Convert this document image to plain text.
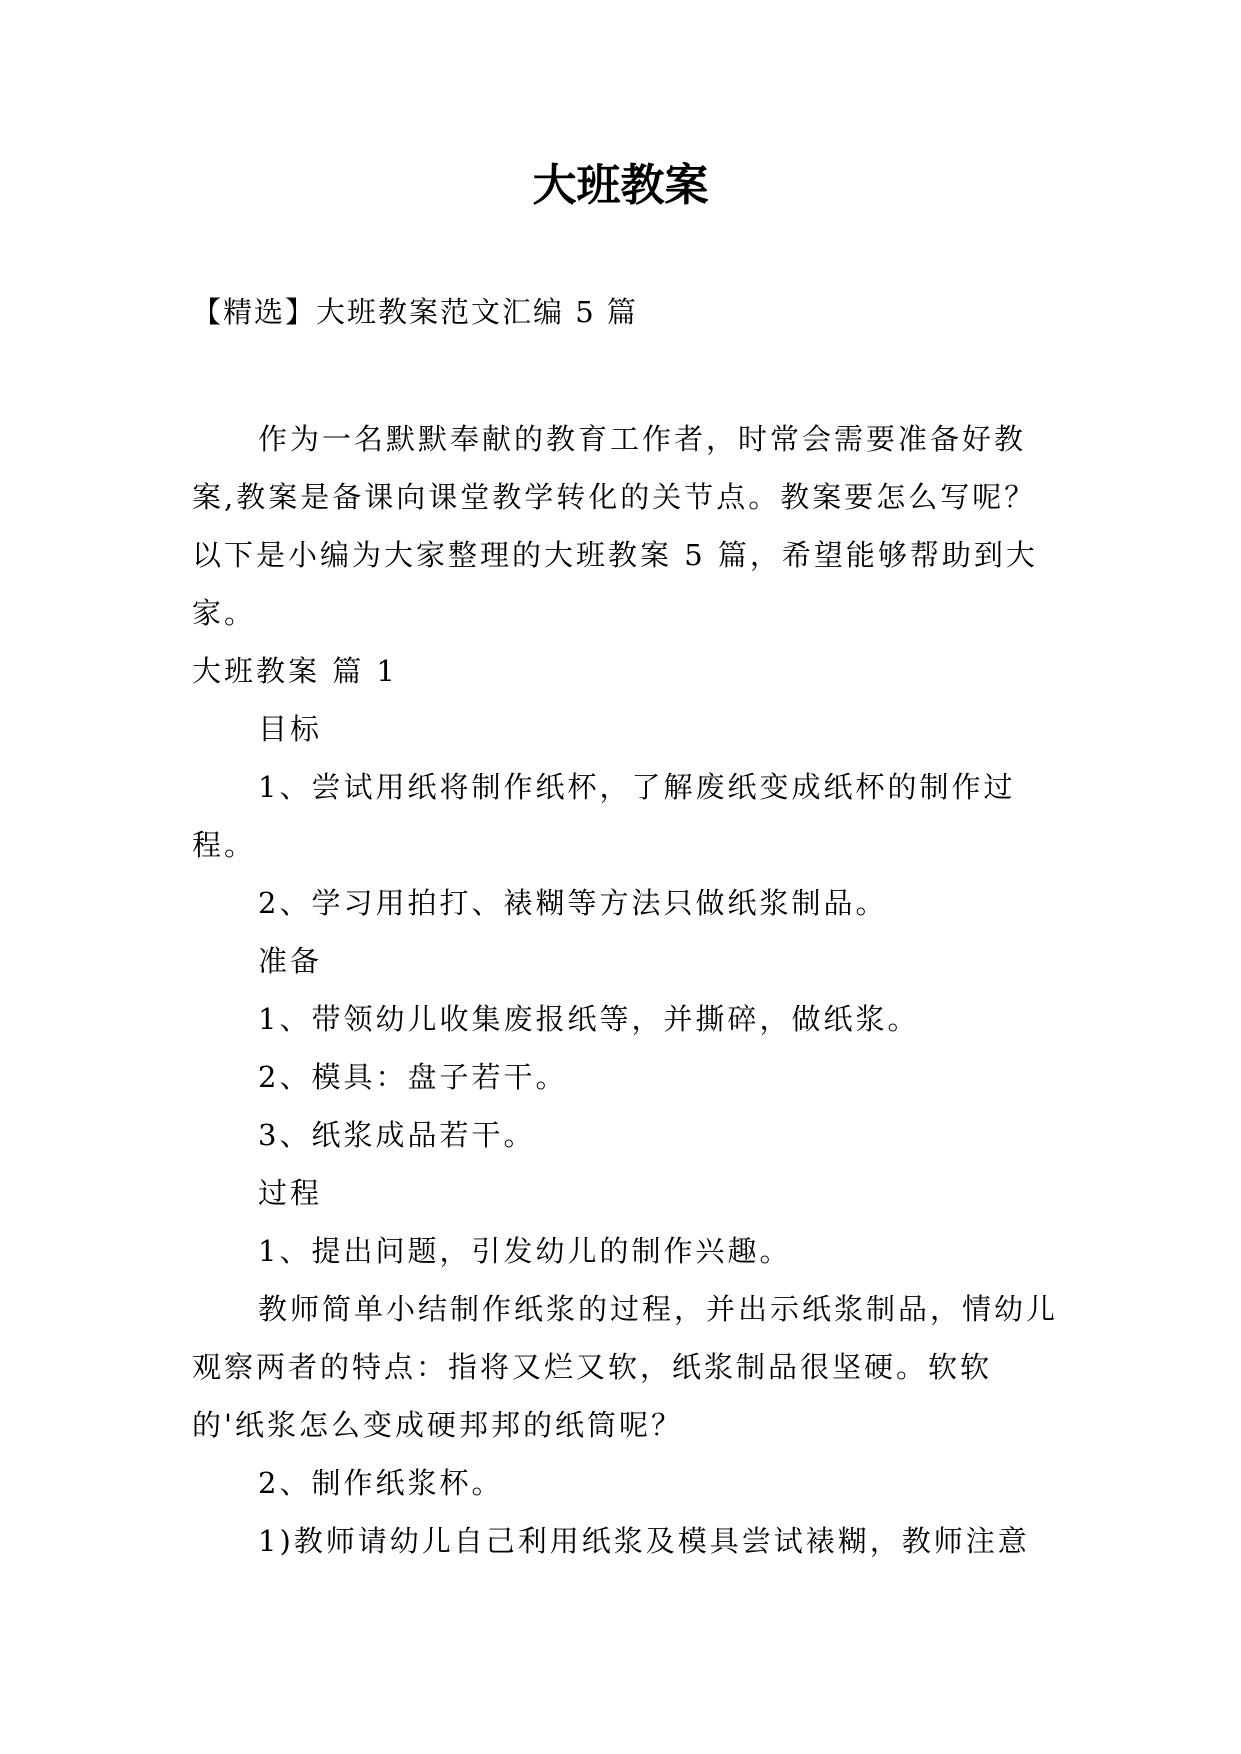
大班教案

【精选】大班教案范文汇编 5 篇

作为一名默默奉献的教育工作者，时常会需要准备好教案,教案是备课向课堂教学转化的关节点。教案要怎么写呢？以下是小编为大家整理的大班教案 5 篇，希望能够帮助到大家。

大班教案 篇 1

目标

1、尝试用纸将制作纸杯，了解废纸变成纸杯的制作过程。

2、学习用拍打、裱糊等方法只做纸浆制品。

准备

1、带领幼儿收集废报纸等，并撕碎，做纸浆。

2、模具：盘子若干。

3、纸浆成品若干。

过程

1、提出问题，引发幼儿的制作兴趣。

教师简单小结制作纸浆的过程，并出示纸浆制品，情幼儿观察两者的特点：指将又烂又软，纸浆制品很坚硬。软软的'纸浆怎么变成硬邦邦的纸筒呢？

2、制作纸浆杯。

1)教师请幼儿自己利用纸浆及模具尝试裱糊，教师注意
